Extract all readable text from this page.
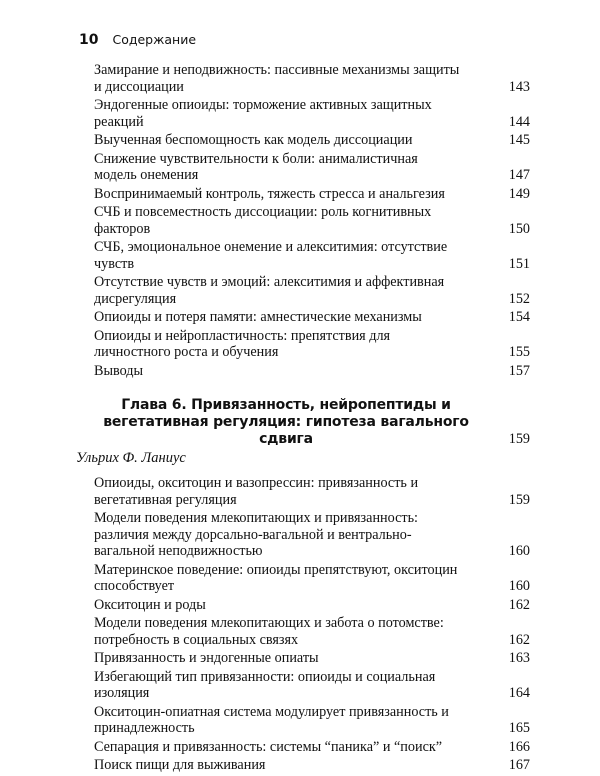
10 Содержание
Замирание и неподвижность: пассивные механизмы защиты и диссоциации	143
Эндогенные опиоиды: торможение активных защитных реакций	144
Выученная беспомощность как модель диссоциации	145
Снижение чувствительности к боли: анималистичная модель онемения	147
Воспринимаемый контроль, тяжесть стресса и анальгезия	149
СЧБ и повсеместность диссоциации: роль когнитивных факторов	150
СЧБ, эмоциональное онемение и алекситимия: отсутствие чувств	151
Отсутствие чувств и эмоций: алекситимия и аффективная дисрегуляция	152
Опиоиды и потеря памяти: амнестические механизмы	154
Опиоиды и нейропластичность: препятствия для личностного роста и обучения	155
Выводы	157
Глава 6. Привязанность, нейропептиды и вегетативная регуляция: гипотеза вагального сдвига	159
Ульрих Ф. Ланиус
Опиоиды, окситоцин и вазопрессин: привязанность и вегетативная регуляция	159
Модели поведения млекопитающих и привязанность: различия между дорсально-вагальной и вентрально-вагальной неподвижностью	160
Материнское поведение: опиоиды препятствуют, окситоцин способствует	160
Окситоцин и роды	162
Модели поведения млекопитающих и забота о потомстве: потребность в социальных связях	162
Привязанность и эндогенные опиаты	163
Избегающий тип привязанности: опиоиды и социальная изоляция	164
Окситоцин-опиатная система модулирует привязанность и принадлежность	165
Сепарация и привязанность: системы “паника” и “поиск”	166
Поиск пищи для выживания	167
